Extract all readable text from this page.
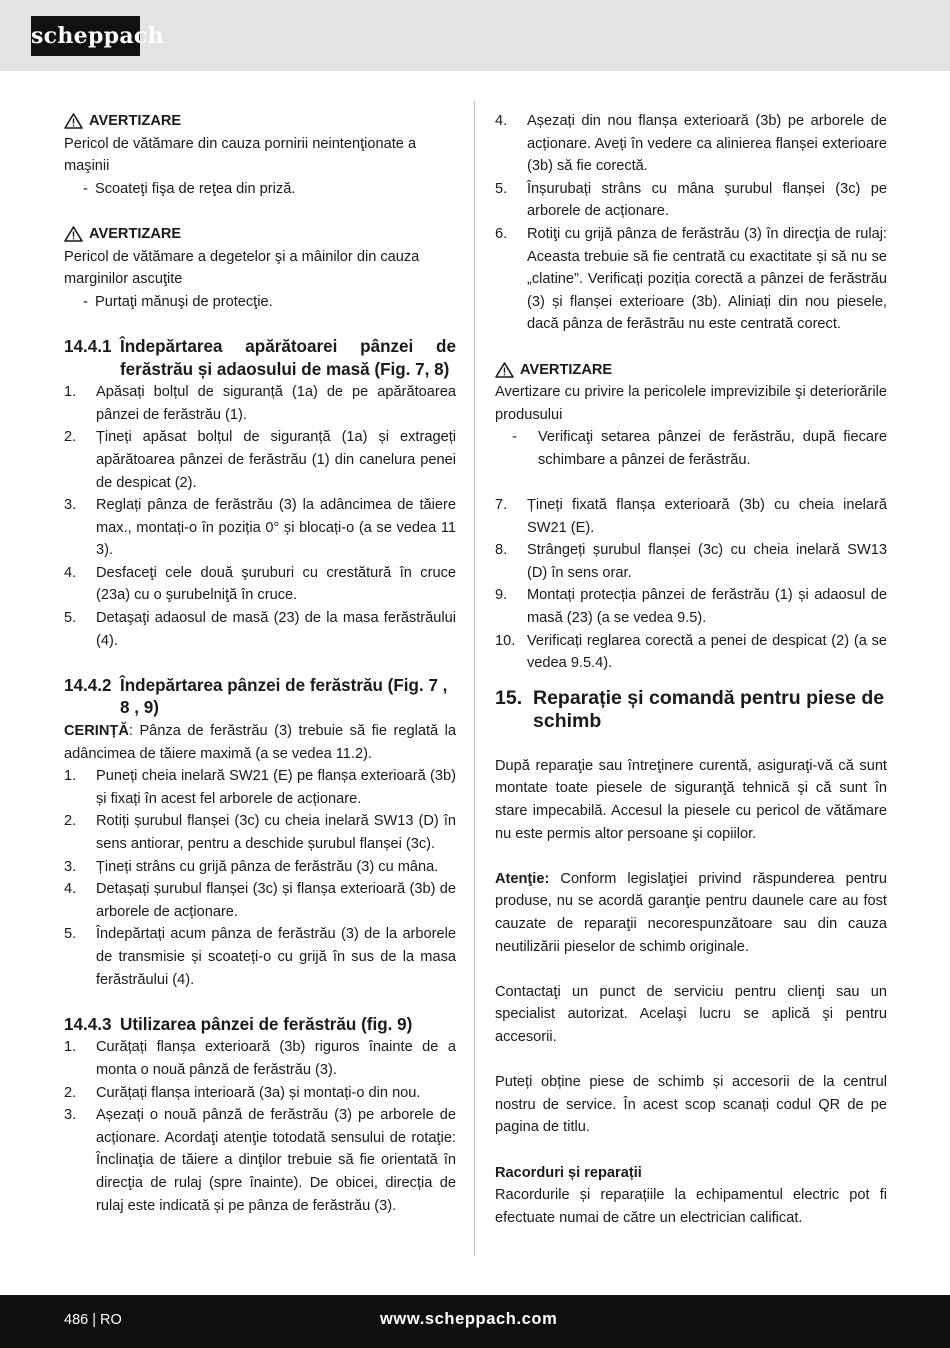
scheppach
AVERTIZARE

Pericol de vătămare din cauza pornirii neintenţionate a maşinii

- Scoateţi fişa de reţea din priză.
AVERTIZARE

Pericol de vătămare a degetelor şi a mâinilor din cauza marginilor ascuţite

- Purtaţi mănuşi de protecţie.
14.4.1 Îndepărtarea apărătoarei pânzei de ferăstrău și adaosului de masă (Fig. 7, 8)
1.	Apăsați bolțul de siguranță (1a) de pe apărătoarea pânzei de ferăstrău (1).
2.	Țineți apăsat bolțul de siguranță (1a) și extrageți apărătoarea pânzei de ferăstrău (1) din canelura penei de despicat (2).
3.	Reglați pânza de ferăstrău (3) la adâncimea de tăiere max., montați-o în poziția 0° și blocați-o (a se vedea 11 3).
4.	Desfaceţi cele două şuruburi cu crestătură în cruce (23a) cu o şurubelniţă în cruce.
5.	Detaşaţi adaosul de masă (23) de la masa ferăstrăului (4).
14.4.2 Îndepărtarea pânzei de ferăstrău (Fig. 7 , 8 , 9)

CERINȚĂ: Pânza de ferăstrău (3) trebuie să fie reglată la adâncimea de tăiere maximă (a se vedea 11.2).

1.	Puneți cheia inelară SW21 (E) pe flanșa exterioară (3b) și fixați în acest fel arborele de acționare.
2.	Rotiți șurubul flanșei (3c) cu cheia inelară SW13 (D) în sens antiorar, pentru a deschide șurubul flanșei (3c).
3.	Țineți strâns cu grijă pânza de ferăstrău (3) cu mâna.
4.	Detașați șurubul flanșei (3c) și flanșa exterioară (3b) de arborele de acționare.
5.	Îndepărtați acum pânza de ferăstrău (3) de la arborele de transmisie și scoateți-o cu grijă în sus de la masa ferăstrăului (4).
14.4.3 Utilizarea pânzei de ferăstrău (fig. 9)
1.	Curățați flanșa exterioară (3b) riguros înainte de a monta o nouă pânză de ferăstrău (3).
2.	Curățați flanșa interioară (3a) și montați-o din nou.
3.	Așezați o nouă pânză de ferăstrău (3) pe arborele de acționare. Acordaţi atenţie totodată sensului de rotaţie: Înclinaţia de tăiere a dinţilor trebuie să fie orientată în direcţia de rulaj (spre înainte). De obicei, direcția de rulaj este indicată și pe pânza de ferăstrău (3).
4.	Așezați din nou flanșa exterioară (3b) pe arborele de acționare. Aveți în vedere ca alinierea flanșei exterioare (3b) să fie corectă.
5.	Înșurubați strâns cu mâna șurubul flanșei (3c) pe arborele de acționare.
6.	Rotiţi cu grijă pânza de ferăstrău (3) în direcţia de rulaj: Aceasta trebuie să fie centrată cu exactitate și să nu se „clatine”. Verificați poziția corectă a pânzei de ferăstrău (3) și flanșei exterioare (3b). Aliniați din nou piesele, dacă pânza de ferăstrău nu este centrată corect.
AVERTIZARE

Avertizare cu privire la pericolele imprevizibile şi deteriorările produsului

-	Verificaţi setarea pânzei de ferăstrău, după fiecare schimbare a pânzei de ferăstrău.
7.	Țineți fixată flanșa exterioară (3b) cu cheia inelară SW21 (E).
8.	Strângeți șurubul flanșei (3c) cu cheia inelară SW13 (D) în sens orar.
9.	Montați protecția pânzei de ferăstrău (1) și adaosul de masă (23) (a se vedea 9.5).
10. Verificați reglarea corectă a penei de despicat (2) (a se vedea 9.5.4).
15. Reparație și comandă pentru piese de schimb

După reparaţie sau întreţinere curentă, asiguraţi-vă că sunt montate toate piesele de siguranţă tehnică şi că sunt în stare impecabilă. Accesul la piesele cu pericol de vătămare nu este permis altor persoane şi copiilor.

Atenţie: Conform legislaţiei privind răspunderea pentru produse, nu se acordă garanţie pentru daunele care au fost cauzate de reparaţii necorespunzătoare sau din cauza neutilizării pieselor de schimb originale.

Contactaţi un punct de serviciu pentru clienţi sau un specialist autorizat. Acelaşi lucru se aplică şi pentru accesorii.

Puteți obține piese de schimb și accesorii de la centrul nostru de service. În acest scop scanați codul QR de pe pagina de titlu.

Racorduri și reparații

Racordurile și reparațiile la echipamentul electric pot fi efectuate numai de către un electrician calificat.

486 | RO	www.scheppach.com
